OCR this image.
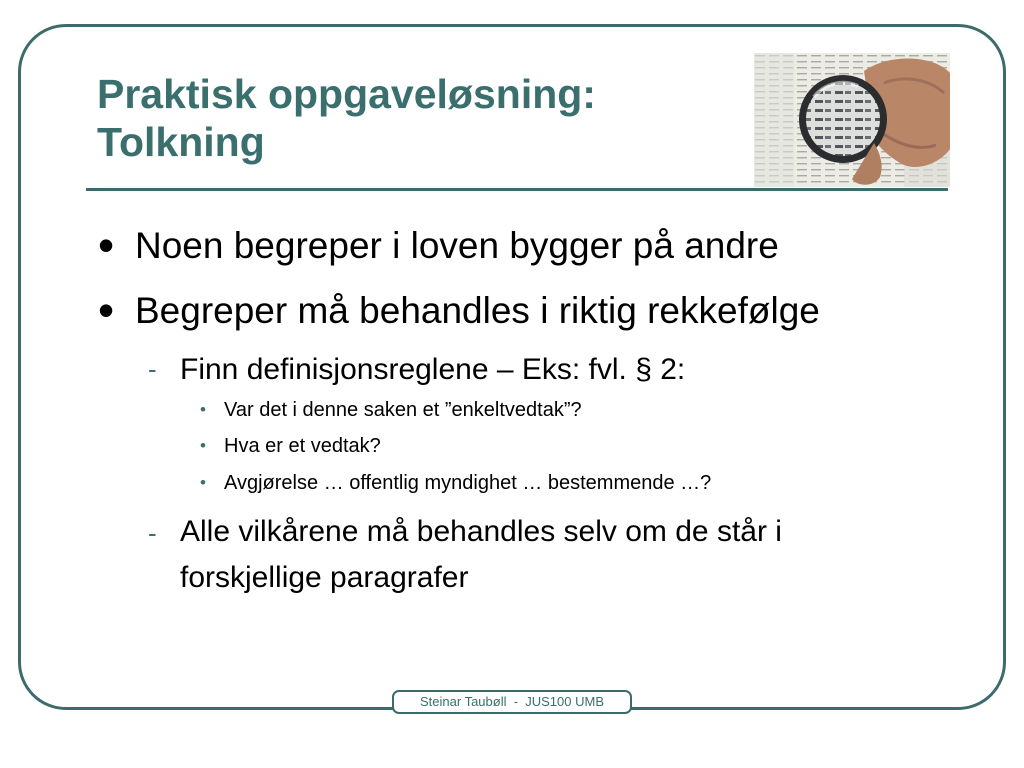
Praktisk oppgaveløsning:
Tolkning
• Noen begreper i loven bygger på andre
• Begreper må behandles i riktig rekkefølge
- Finn definisjonsreglene – Eks: fvl. § 2:
• Var det i denne saken et ”enkeltvedtak”?
• Hva er et vedtak?
• Avgjørelse … offentlig myndighet … bestemmende …?
- Alle vilkårene må behandles selv om de står i
forskjellige paragrafer
Steinar Taubøll  -  JUS100 UMB
